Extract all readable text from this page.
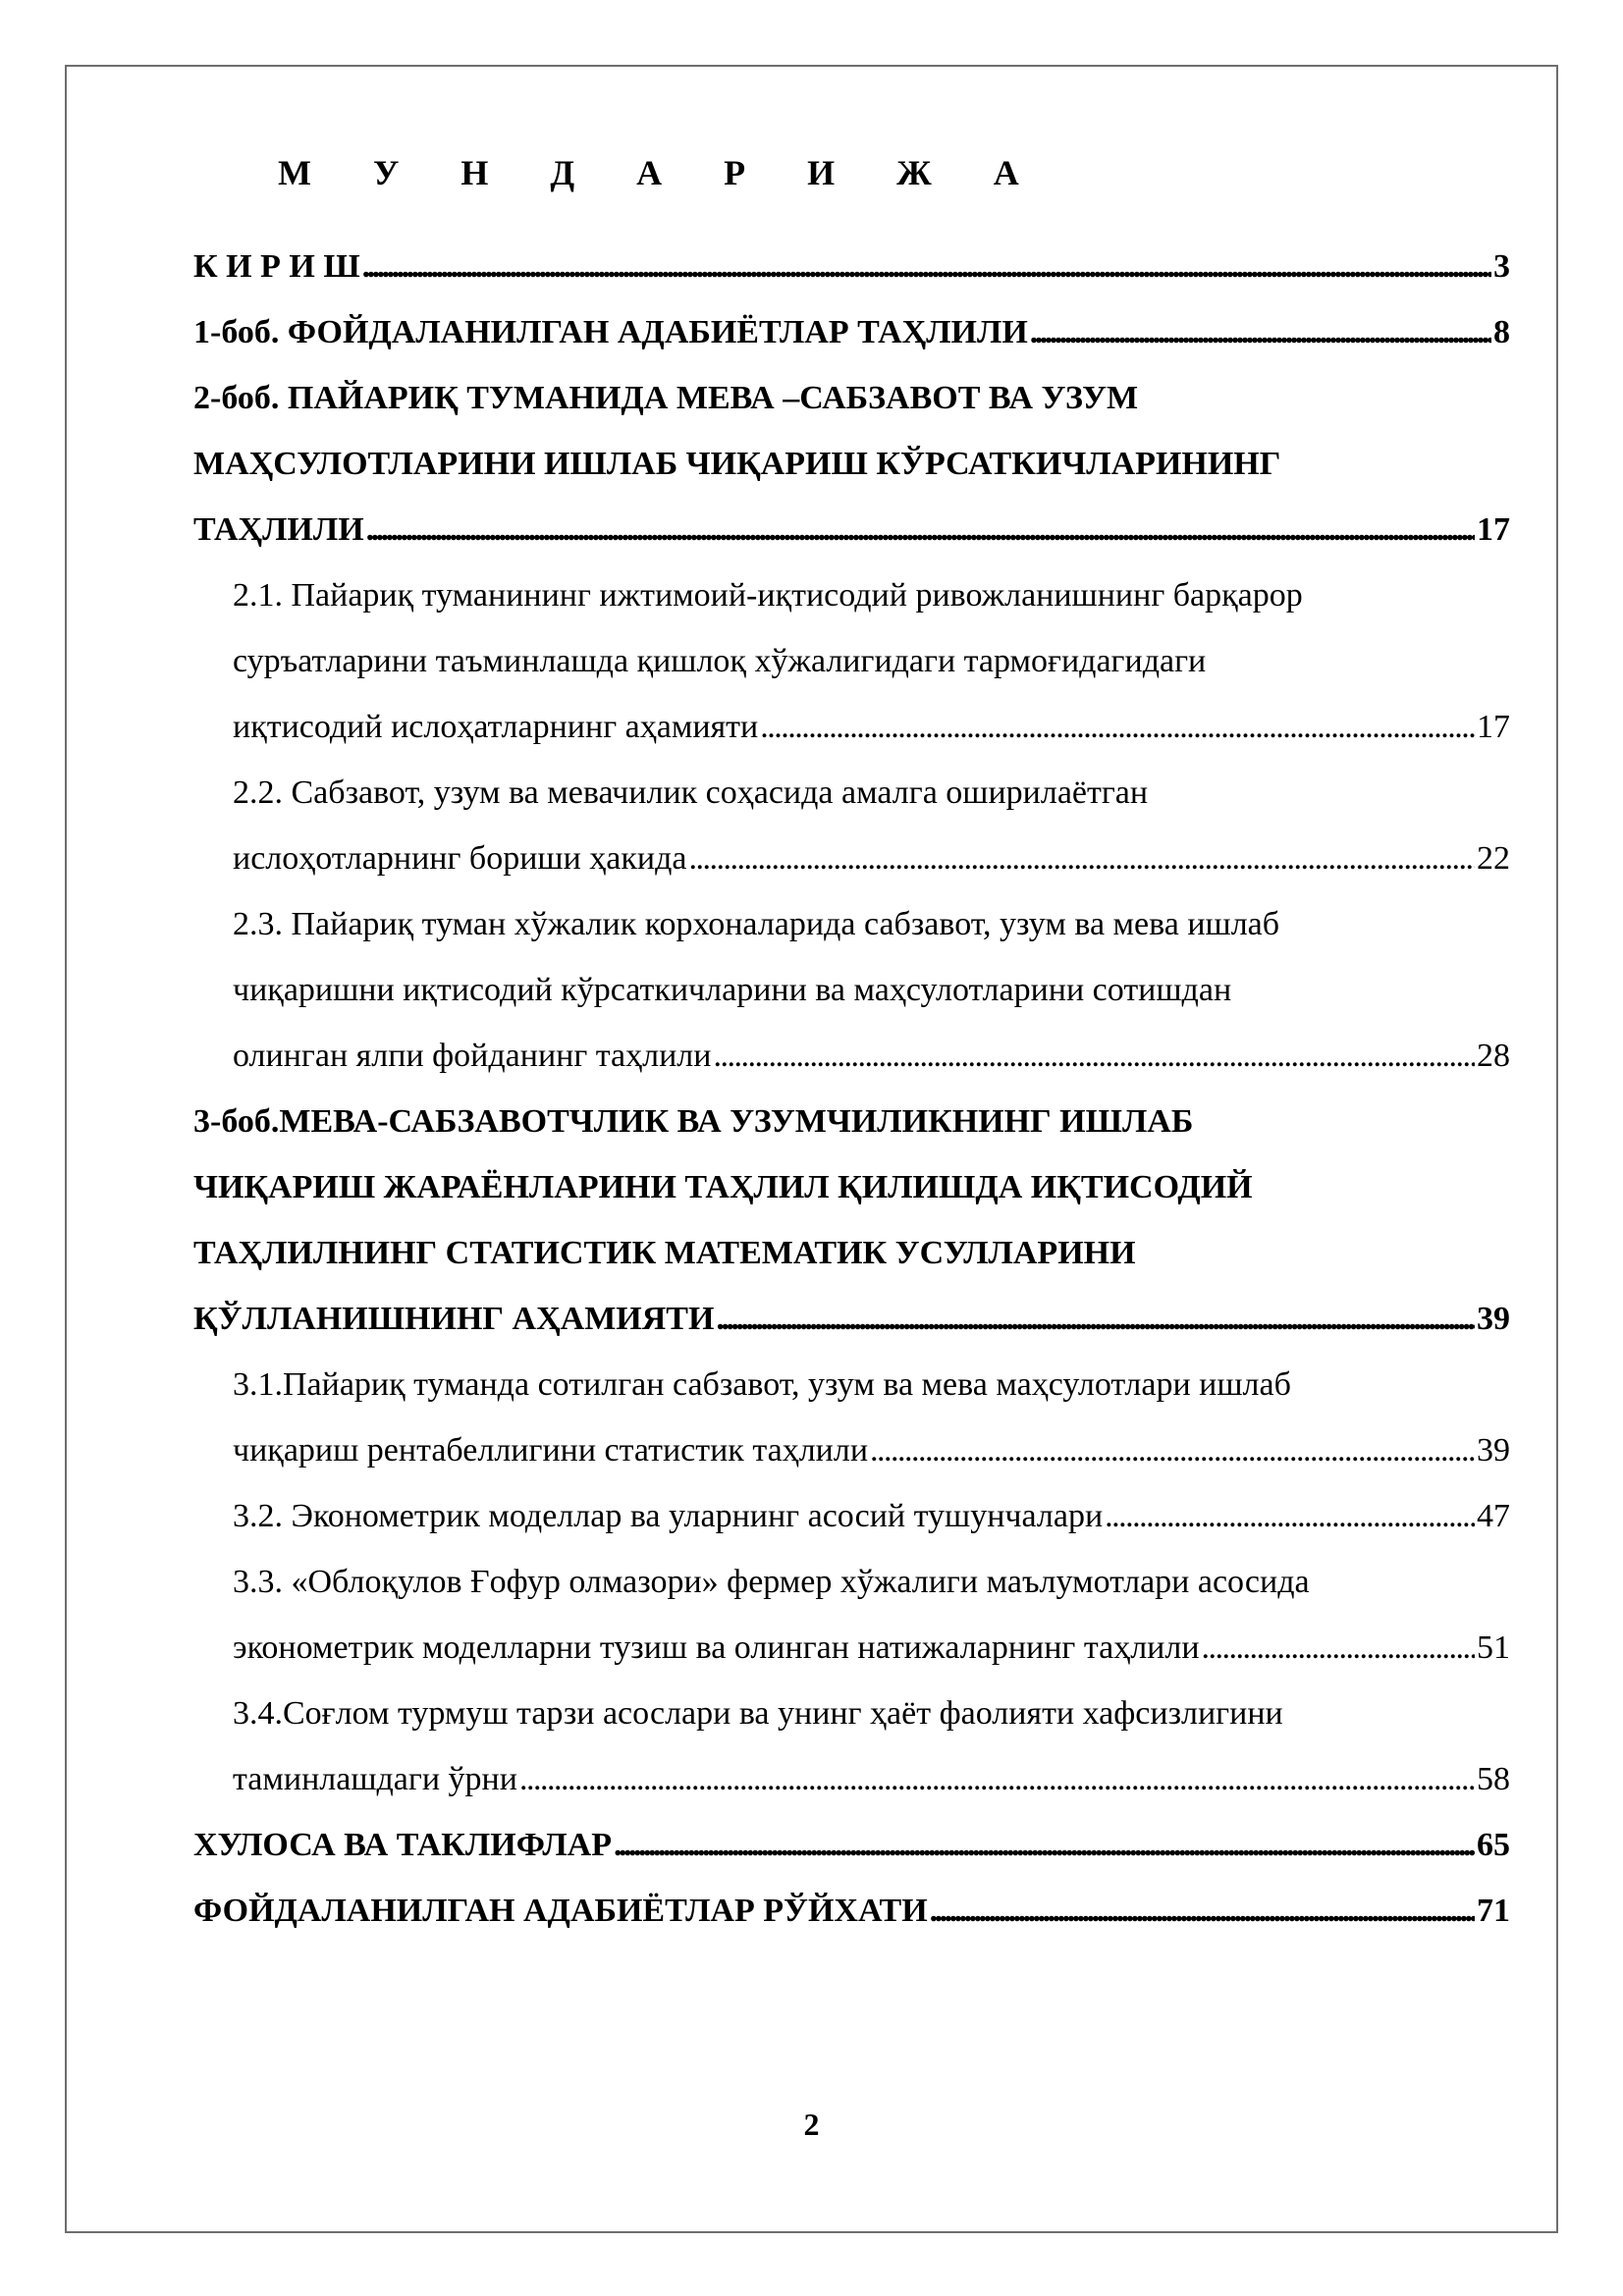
М У Н Д А Р И Ж А
К И Р И Ш . . .	3
1-боб. ФОЙДАЛАНИЛГАН АДАБИЁТЛАР ТАҲЛИЛИ . . .	8
2-боб. ПАЙАРИҚ ТУМАНИДА МЕВА –САБЗАВОТ ВА УЗУМ
МАҲСУЛОТЛАРИНИ ИШЛАБ ЧИҚАРИШ КЎРСАТКИЧЛАРИНИНГ
ТАҲЛИЛИ . . .	17
2.1. Пайариқ туманининг ижтимоий-иқтисодий ривожланишнинг барқарор
суръатларини таъминлашда қишлоқ хўжалигидаги тармоғидагидаги
иқтисодий ислоҳатларнинг аҳамияти . . .	17
2.2. Сабзавот, узум ва мевачилик соҳасида амалга оширилаётган
ислоҳотларнинг бориши ҳакида . . .	22
2.3. Пайариқ туман хўжалик корхоналарида сабзавот, узум ва мева ишлаб
чиқаришни иқтисодий кўрсаткичларини ва маҳсулотларини сотишдан
олинган ялпи фойданинг таҳлили . . .	28
3-боб.МЕВА-САБЗАВОТЧЛИК ВА УЗУМЧИЛИКНИНГ ИШЛАБ
ЧИҚАРИШ ЖАРАЁНЛАРИНИ ТАҲЛИЛ ҚИЛИШДА ИҚТИСОДИЙ
ТАҲЛИЛНИНГ СТАТИСТИК МАТЕМАТИК УСУЛЛАРИНИ
ҚЎЛЛАНИШНИНГ АҲАМИЯТИ . . .	39
3.1.Пайариқ туманда сотилган сабзавот, узум ва мева маҳсулотлари ишлаб
чиқариш рентабеллигини статистик таҳлили . . .	39
3.2. Эконометрик моделлар ва уларнинг асосий тушунчалари . . .	47
3.3. «Облоқулов Ғофур олмазори» фермер хўжалиги маълумотлари асосида
эконометрик моделларни тузиш ва олинган натижаларнинг таҳлили . . .	51
3.4.Соғлом турмуш тарзи асослари ва унинг ҳаёт фаолияти хафсизлигини
таминлашдаги ўрни . . .	58
ХУЛОСА ВА ТАКЛИФЛАР . . .	65
ФОЙДАЛАНИЛГАН АДАБИЁТЛАР РЎЙХАТИ . . .	71
2
